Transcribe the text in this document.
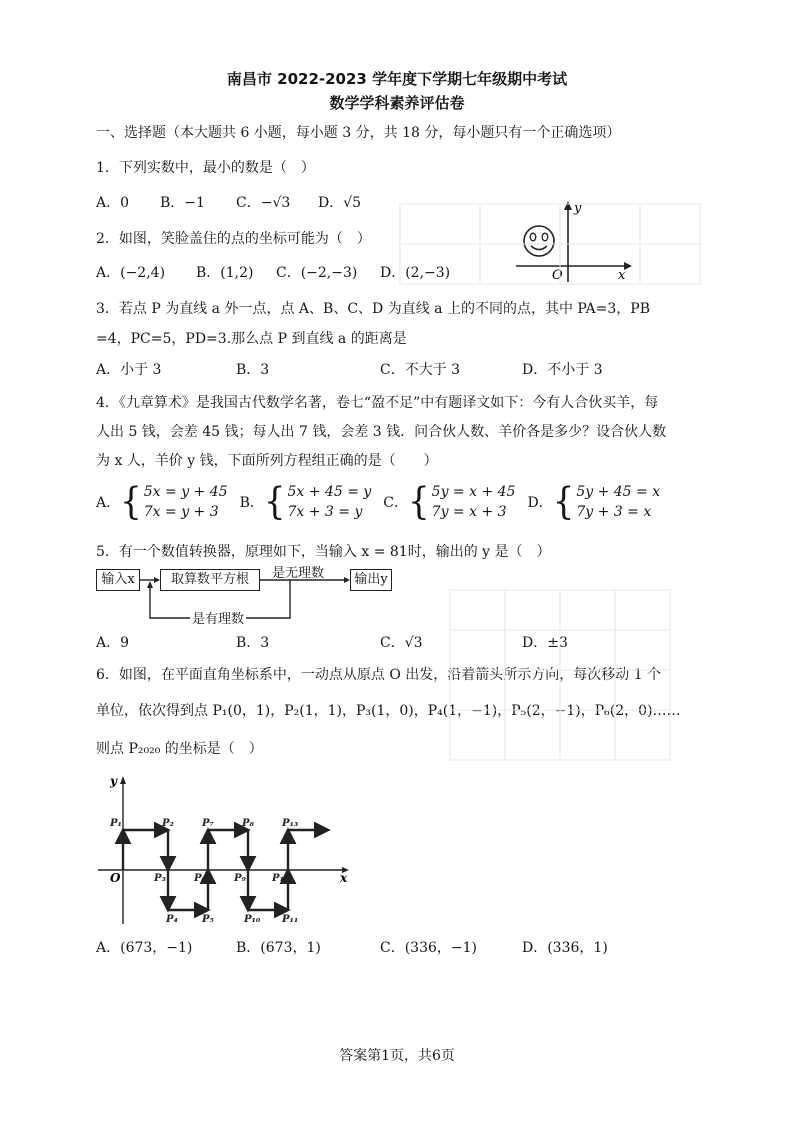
南昌市 2022-2023 学年度下学期七年级期中考试
数学学科素养评估卷
一、选择题（本大题共 6 小题，每小题 3 分，共 18 分，每小题只有一个正确选项）
1．下列实数中，最小的数是（　）
A．0 B．−1 C．−√3 D．√5
2．如图，笑脸盖住的点的坐标可能为（　）
A．(−2,4) B．(1,2) C．(−2,−3) D．(2,−3)
y
x
O
3．若点 P 为直线 a 外一点，点 A、B、C、D 为直线 a 上的不同的点，其中 PA=3，PB
=4，PC=5，PD=3.那么点 P 到直线 a 的距离是
A．小于 3	B．3	C．不大于 3	D．不小于 3
4．《九章算术》是我国古代数学名著，卷七“盈不足”中有题译文如下：今有人合伙买羊，每
人出 5 钱，会差 45 钱；每人出 7 钱，会差 3 钱．问合伙人数、羊价各是多少？设合伙人数
为 x 人，羊价 y 钱，下面所列方程组正确的是（　　）
A． { 5x = y + 45
7x = y + 3
B． { 5x + 45 = y
7x + 3 = y
C． { 5y = x + 45
7y = x + 3
D． { 5y + 45 = x
7y + 3 = x
5．有一个数值转换器，原理如下，当输入 x = 81时，输出的 y 是（　）
输入x	取算数平方根	是无理数	输出y
是有理数
A．9	B．3	C．√3	D．±3
6．如图，在平面直角坐标系中，一动点从原点 O 出发，沿着箭头所示方向，每次移动 1 个
单位，依次得到点 P₁(0，1)，P₂(1，1)，P₃(1，0)，P₄(1，−1)，P₅(2，−1)，P₆(2，0)……
则点 P₂₀₂₀ 的坐标是（　）
y
x
O
P₁	P₂
P₃
P₄ P₅
P₆
P₇	P₈
P₉
P₁₀ P₁₁
P₁₂
P₁₃
A．(673，−1)	B．(673，1)	C．(336，−1)	D．(336，1)
答案第1页，共6页
